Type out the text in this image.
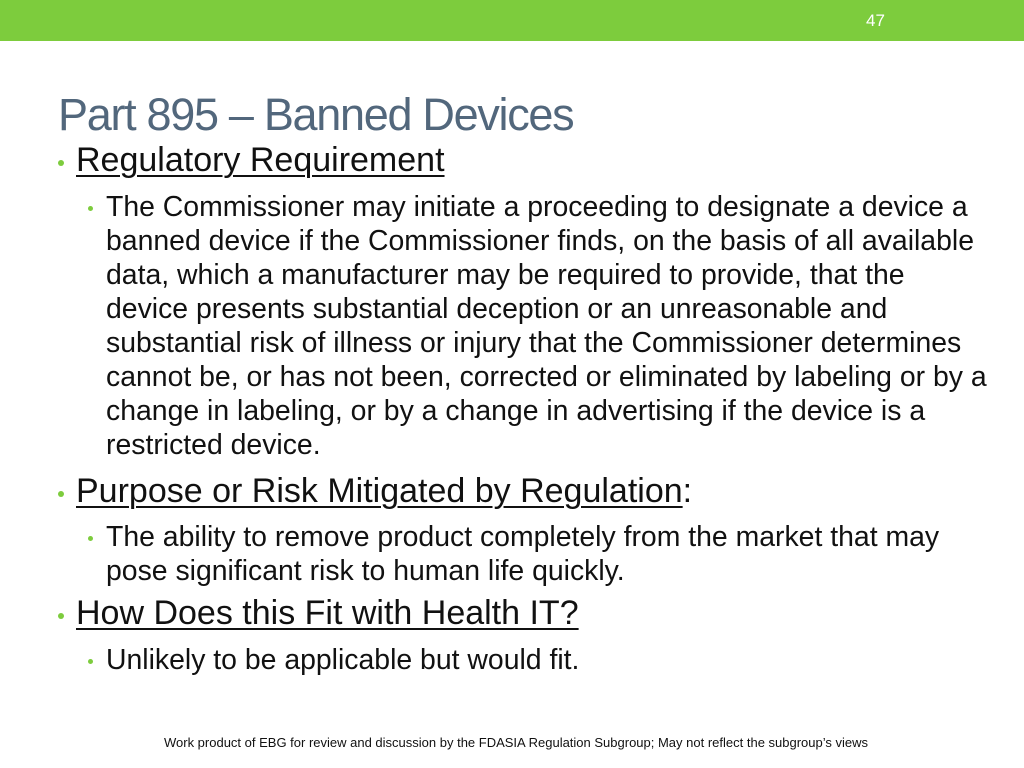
47
Part 895 – Banned Devices
Regulatory Requirement
The Commissioner may initiate a proceeding to designate a device a
banned device if the Commissioner finds, on the basis of all available
data, which a manufacturer may be required to provide, that the
device presents substantial deception or an unreasonable and
substantial risk of illness or injury that the Commissioner determines
cannot be, or has not been, corrected or eliminated by labeling or by a
change in labeling, or by a change in advertising if the device is a
restricted device.
Purpose or Risk Mitigated by Regulation:
The ability to remove product completely from the market that may
pose significant risk to human life quickly.
How Does this Fit with Health IT?
Unlikely to be applicable but would fit.
Work product of EBG for review and discussion by the FDASIA Regulation Subgroup; May not reflect the subgroup’s views
